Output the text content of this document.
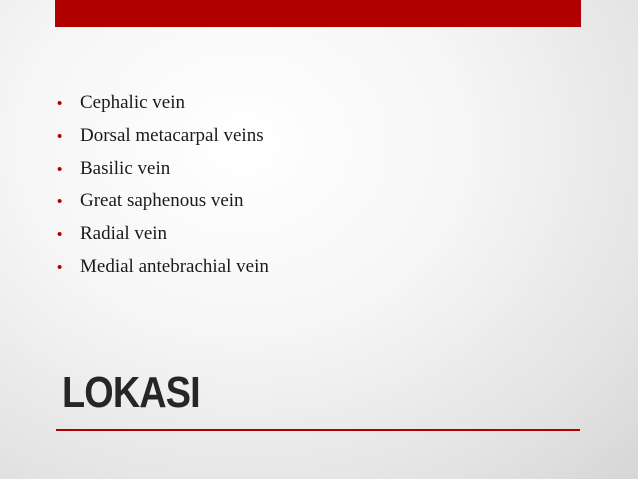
• Cephalic vein
• Dorsal metacarpal veins
• Basilic vein
• Great saphenous vein
• Radial vein
• Medial antebrachial vein
LOKASI
